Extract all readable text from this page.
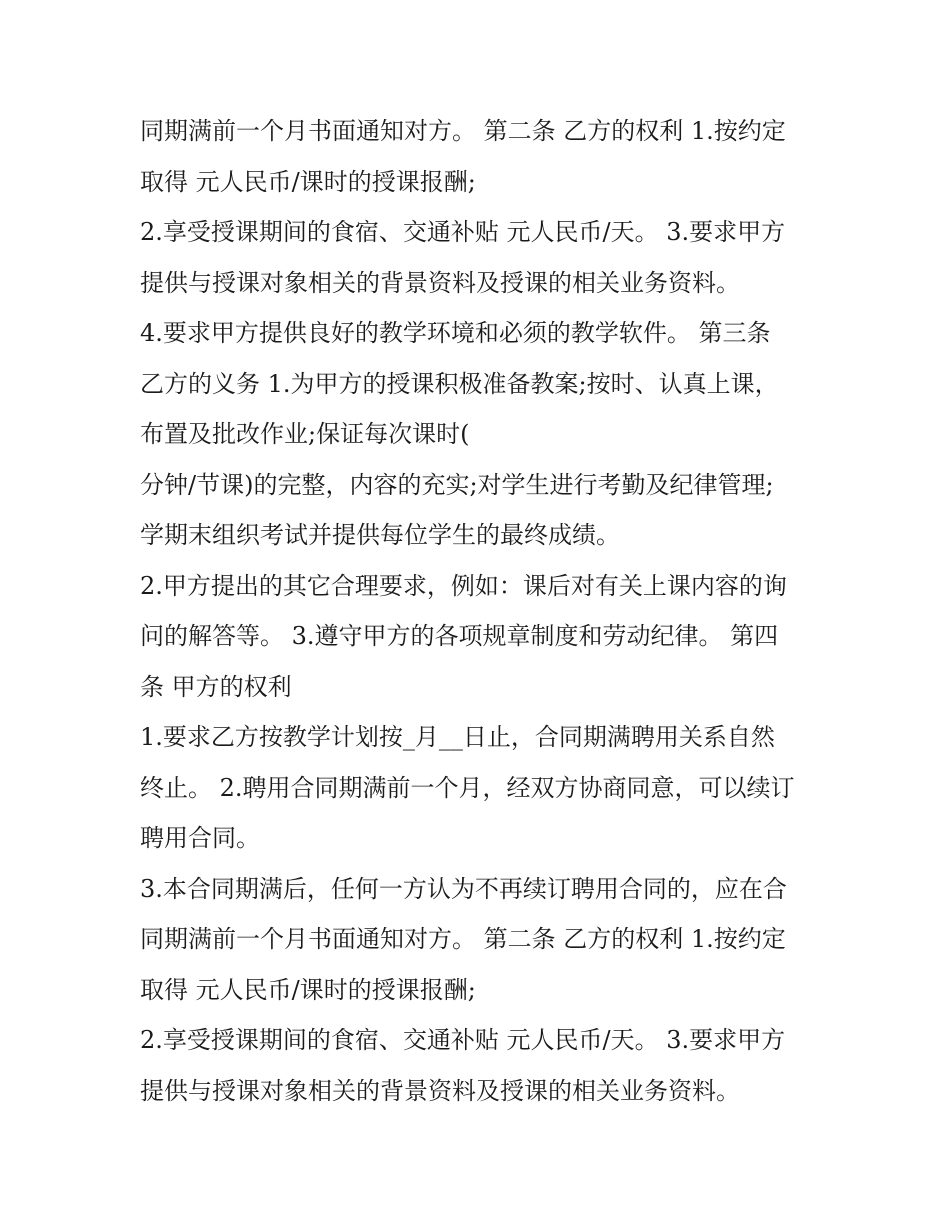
同期满前一个月书面通知对方。 第二条 乙方的权利 1.按约定
取得 元人民币/课时的授课报酬;
2.享受授课期间的食宿、交通补贴 元人民币/天。 3.要求甲方
提供与授课对象相关的背景资料及授课的相关业务资料。
4.要求甲方提供良好的教学环境和必须的教学软件。 第三条
乙方的义务 1.为甲方的授课积极准备教案;按时、认真上课，
布置及批改作业;保证每次课时(
分钟/节课)的完整，内容的充实;对学生进行考勤及纪律管理;
学期末组织考试并提供每位学生的最终成绩。
2.甲方提出的其它合理要求，例如：课后对有关上课内容的询
问的解答等。 3.遵守甲方的各项规章制度和劳动纪律。 第四
条 甲方的权利
1.要求乙方按教学计划按_月__日止，合同期满聘用关系自然
终止。 2.聘用合同期满前一个月，经双方协商同意，可以续订
聘用合同。
3.本合同期满后，任何一方认为不再续订聘用合同的，应在合
同期满前一个月书面通知对方。 第二条 乙方的权利 1.按约定
取得 元人民币/课时的授课报酬;
2.享受授课期间的食宿、交通补贴 元人民币/天。 3.要求甲方
提供与授课对象相关的背景资料及授课的相关业务资料。
